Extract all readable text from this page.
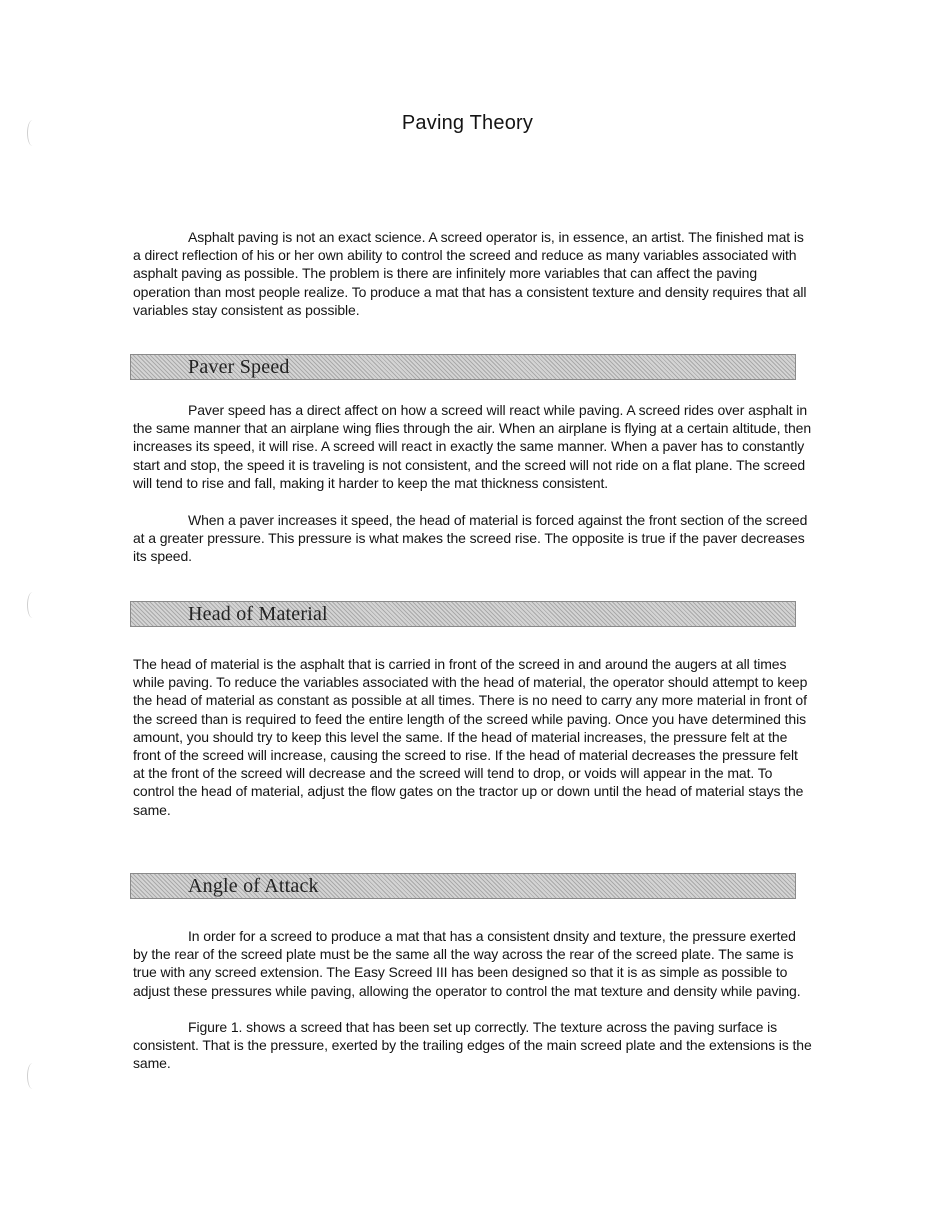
Paving Theory

Asphalt paving is not an exact science. A screed operator is, in essence, an artist. The finished mat is a direct reflection of his or her own ability to control the screed and reduce as many variables associated with asphalt paving as possible. The problem is there are infinitely more variables that can affect the paving operation than most people realize. To produce a mat that has a consistent texture and density requires that all variables stay consistent as possible.

Paver Speed

Paver speed has a direct affect on how a screed will react while paving. A screed rides over asphalt in the same manner that an airplane wing flies through the air. When an airplane is flying at a certain altitude, then increases its speed, it will rise. A screed will react in exactly the same manner. When a paver has to constantly start and stop, the speed it is traveling is not consistent, and the screed will not ride on a flat plane. The screed will tend to rise and fall, making it harder to keep the mat thickness consistent.

When a paver increases it speed, the head of material is forced against the front section of the screed at a greater pressure. This pressure is what makes the screed rise. The opposite is true if the paver decreases its speed.

Head of Material

The head of material is the asphalt that is carried in front of the screed in and around the augers at all times while paving. To reduce the variables associated with the head of material, the operator should attempt to keep the head of material as constant as possible at all times. There is no need to carry any more material in front of the screed than is required to feed the entire length of the screed while paving. Once you have determined this amount, you should try to keep this level the same. If the head of material increases, the pressure felt at the front of the screed will increase, causing the screed to rise. If the head of material decreases the pressure felt at the front of the screed will decrease and the screed will tend to drop, or voids will appear in the mat. To control the head of material, adjust the flow gates on the tractor up or down until the head of material stays the same.

Angle of Attack

In order for a screed to produce a mat that has a consistent dnsity and texture, the pressure exerted by the rear of the screed plate must be the same all the way across the rear of the screed plate. The same is true with any screed extension. The Easy Screed III has been designed so that it is as simple as possible to adjust these pressures while paving, allowing the operator to control the mat texture and density while paving.

Figure 1. shows a screed that has been set up correctly. The texture across the paving surface is consistent. That is the pressure, exerted by the trailing edges of the main screed plate and the extensions is the same.
